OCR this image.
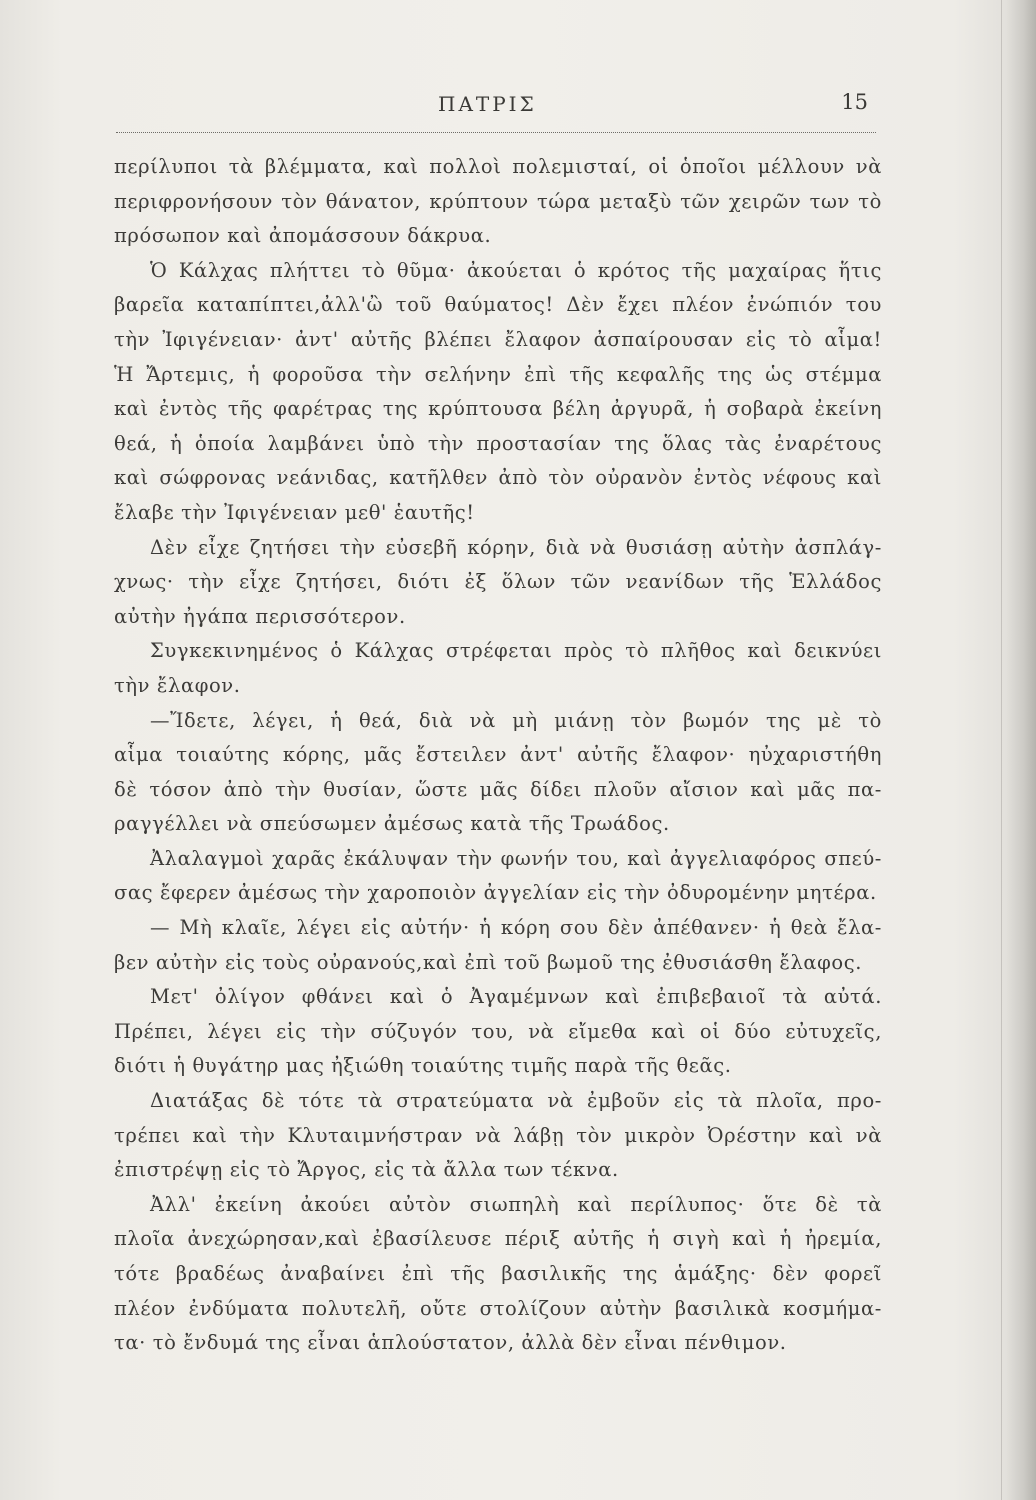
ΠΑΤΡΙΣ	15
περίλυποι τὰ βλέμματα, καὶ πολλοὶ πολεμισταί, οἱ ὁποῖοι μέλλουν νὰ
περιφρονήσουν τὸν θάνατον, κρύπτουν τώρα μεταξὺ τῶν χειρῶν των τὸ
πρόσωπον καὶ ἀπομάσσουν δάκρυα.
Ὁ Κάλχας πλήττει τὸ θῦμα· ἀκούεται ὁ κρότος τῆς μαχαίρας ἥτις
βαρεῖα καταπίπτει,ἀλλ'ὢ τοῦ θαύματος! Δὲν ἔχει πλέον ἐνώπιόν του
τὴν Ἰφιγένειαν· ἀντ' αὐτῆς βλέπει ἔλαφον ἀσπαίρουσαν εἰς τὸ αἷμα!
Ἡ Ἄρτεμις, ἡ φοροῦσα τὴν σελήνην ἐπὶ τῆς κεφαλῆς της ὡς στέμμα
καὶ ἐντὸς τῆς φαρέτρας της κρύπτουσα βέλη ἀργυρᾶ, ἡ σοβαρὰ ἐκείνη
θεά, ἡ ὁποία λαμβάνει ὑπὸ τὴν προστασίαν της ὅλας τὰς ἐναρέτους
καὶ σώφρονας νεάνιδας, κατῆλθεν ἀπὸ τὸν οὐρανὸν ἐντὸς νέφους καὶ
ἔλαβε τὴν Ἰφιγένειαν μεθ' ἑαυτῆς!
Δὲν εἶχε ζητήσει τὴν εὐσεβῆ κόρην, διὰ νὰ θυσιάσῃ αὐτὴν ἀσπλάγ-
χνως· τὴν εἶχε ζητήσει, διότι ἐξ ὅλων τῶν νεανίδων τῆς Ἑλλάδος
αὐτὴν ἠγάπα περισσότερον.
Συγκεκινημένος ὁ Κάλχας στρέφεται πρὸς τὸ πλῆθος καὶ δεικνύει
τὴν ἔλαφον.
—Ἴδετε, λέγει, ἡ θεά, διὰ νὰ μὴ μιάνῃ τὸν βωμόν της μὲ τὸ
αἷμα τοιαύτης κόρης, μᾶς ἔστειλεν ἀντ' αὐτῆς ἔλαφον· ηὐχαριστήθη
δὲ τόσον ἀπὸ τὴν θυσίαν, ὥστε μᾶς δίδει πλοῦν αἴσιον καὶ μᾶς πα-
ραγγέλλει νὰ σπεύσωμεν ἀμέσως κατὰ τῆς Τρωάδος.
Ἀλαλαγμοὶ χαρᾶς ἐκάλυψαν τὴν φωνήν του, καὶ ἀγγελιαφόρος σπεύ-
σας ἔφερεν ἀμέσως τὴν χαροποιὸν ἀγγελίαν εἰς τὴν ὀδυρομένην μητέρα.
— Μὴ κλαῖε, λέγει εἰς αὐτήν· ἡ κόρη σου δὲν ἀπέθανεν· ἡ θεὰ ἔλα-
βεν αὐτὴν εἰς τοὺς οὐρανούς,καὶ ἐπὶ τοῦ βωμοῦ της ἐθυσιάσθη ἔλαφος.
Μετ' ὀλίγον φθάνει καὶ ὁ Ἀγαμέμνων καὶ ἐπιβεβαιοῖ τὰ αὐτά.
Πρέπει, λέγει εἰς τὴν σύζυγόν του, νὰ εἴμεθα καὶ οἱ δύο εὐτυχεῖς,
διότι ἡ θυγάτηρ μας ἠξιώθη τοιαύτης τιμῆς παρὰ τῆς θεᾶς.
Διατάξας δὲ τότε τὰ στρατεύματα νὰ ἐμβοῦν εἰς τὰ πλοῖα, προ-
τρέπει καὶ τὴν Κλυταιμνήστραν νὰ λάβῃ τὸν μικρὸν Ὀρέστην καὶ νὰ
ἐπιστρέψῃ εἰς τὸ Ἄργος, εἰς τὰ ἄλλα των τέκνα.
Ἀλλ' ἐκείνη ἀκούει αὐτὸν σιωπηλὴ καὶ περίλυπος· ὅτε δὲ τὰ
πλοῖα ἀνεχώρησαν,καὶ ἐβασίλευσε πέριξ αὐτῆς ἡ σιγὴ καὶ ἡ ἠρεμία,
τότε βραδέως ἀναβαίνει ἐπὶ τῆς βασιλικῆς της ἁμάξης· δὲν φορεῖ
πλέον ἐνδύματα πολυτελῆ, οὔτε στολίζουν αὐτὴν βασιλικὰ κοσμήμα-
τα· τὸ ἔνδυμά της εἶναι ἁπλούστατον, ἀλλὰ δὲν εἶναι πένθιμον.
